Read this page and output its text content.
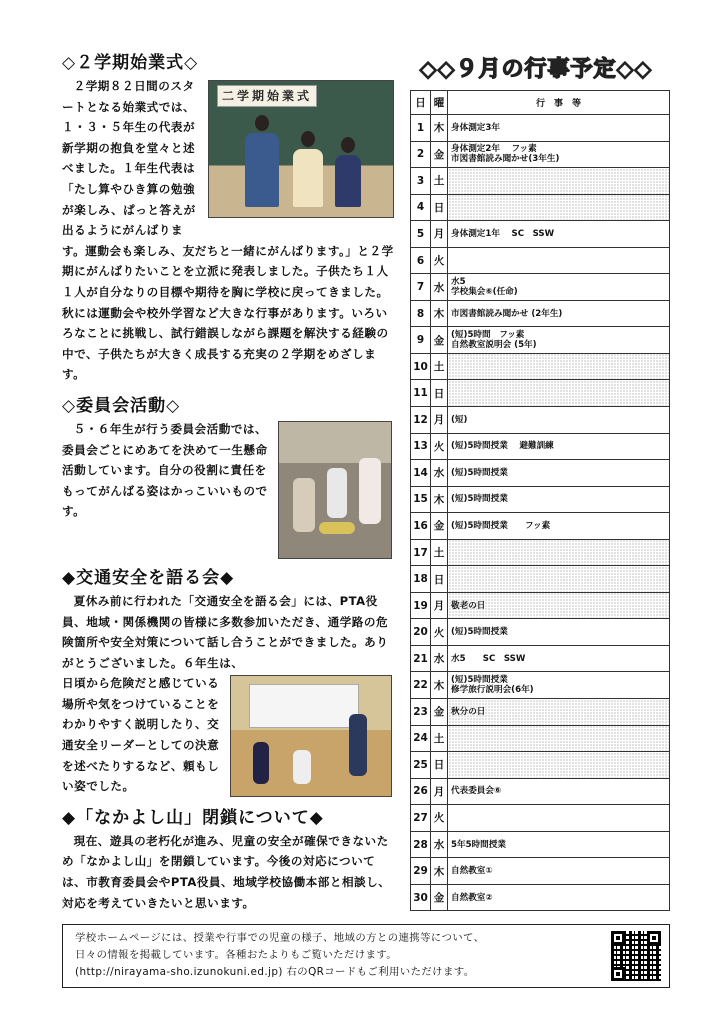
◇２学期始業式◇
二学期始業式

２学期８２日間のスタートとなる始業式では、１・３・５年生の代表が新学期の抱負を堂々と述べました。１年生代表は「たし算やひき算の勉強が楽しみ、ぱっと答えが出るようにがんばります。運動会も楽しみ、友だちと一緒にがんばります。」と２学期にがんばりたいことを立派に発表しました。子供たち１人１人が自分なりの目標や期待を胸に学校に戻ってきました。秋には運動会や校外学習など大きな行事があります。いろいろなことに挑戦し、試行錯誤しながら課題を解決する経験の中で、子供たちが大きく成長する充実の２学期をめざします。

◇委員会活動◇

５・６年生が行う委員会活動では、委員会ごとにめあてを決めて一生懸命活動しています。自分の役割に責任をもってがんばる姿はかっこいいものです。

◆交通安全を語る会◆

夏休み前に行われた「交通安全を語る会」には、PTA役員、地域・関係機関の皆様に多数参加いただき、通学路の危険箇所や安全対策について話し合うことができました。ありがとうございました。６年生は、

日頃から危険だと感じている場所や気をつけていることをわかりやすく説明したり、交通安全リーダーとしての決意を述べたりするなど、頼もしい姿でした。

◆「なかよし山」閉鎖について◆

現在、遊具の老朽化が進み、児童の安全が確保できないため「なかよし山」を閉鎖しています。今後の対応については、市教育委員会やPTA役員、地域学校協働本部と相談し、対応を考えていきたいと思います。

◇◇９月の行事予定◇◇
日	曜	行　事　等
1	木	身体測定3年
2	金	身体測定2年　 フッ素
市図書館読み聞かせ(3年生)
3	土	
4	日	
5	月	身体測定1年　 SC　SSW
6	火	
7	水	水5
学校集会⑥(任命)
8	木	市図書館読み聞かせ (2年生)
9	金	(短)5時間　フッ素
自然教室説明会 (5年)
10	土	
11	日	
12	月	(短)
13	火	(短)5時間授業　 避難訓練
14	水	(短)5時間授業
15	木	(短)5時間授業
16	金	(短)5時間授業　　フッ素
17	土	
18	日	
19	月	敬老の日
20	火	(短)5時間授業
21	水	水5　　SC　SSW
22	木	(短)5時間授業
修学旅行説明会(6年)
23	金	秋分の日
24	土	
25	日	
26	月	代表委員会⑥
27	火	
28	水	5年5時間授業
29	木	自然教室①
30	金	自然教室②
学校ホームページには、授業や行事での児童の様子、地域の方との連携等について、
日々の情報を掲載しています。各種おたよりもご覧いただけます。
(http://nirayama-sho.izunokuni.ed.jp) 右のQRコードもご利用いただけます。
